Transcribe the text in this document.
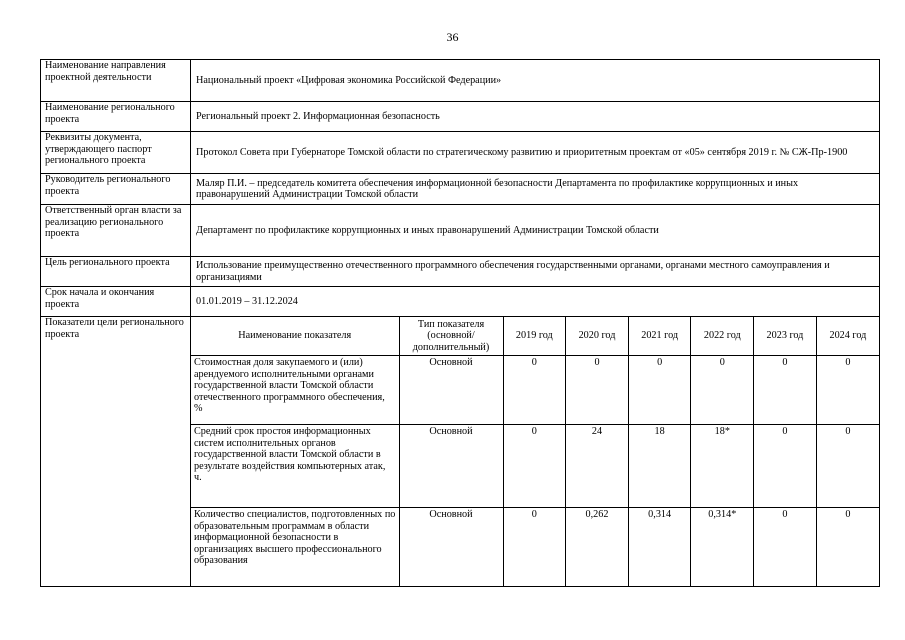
36
Наименование направления проектной деятельности	Национальный проект «Цифровая экономика Российской Федерации»
Наименование регионального проекта	Региональный проект 2. Информационная безопасность
Реквизиты документа, утверждающего паспорт регионального проекта	Протокол Совета при Губернаторе Томской области по стратегическому развитию и приоритетным проектам от «05» сентября 2019 г. № СЖ-Пр-1900
Руководитель регионального проекта	Маляр П.И. – председатель комитета обеспечения информационной безопасности Департамента по профилактике коррупционных и иных правонарушений Администрации Томской области
Ответственный орган власти за реализацию регионального проекта	Департамент по профилактике коррупционных и иных правонарушений Администрации Томской области
Цель регионального проекта	Использование преимущественно отечественного программного обеспечения государственными органами, органами местного самоуправления и организациями
Срок начала и окончания проекта	01.01.2019 – 31.12.2024
Показатели цели регионального проекта		Наименование показателя	Тип показателя (основной/ дополнительный)	2019 год	2020 год	2021 год	2022 год	2023 год	2024 год
Стоимостная доля закупаемого и (или) арендуемого исполнительными органами государственной власти Томской области отечественного программного обеспечения, %	Основной	0	0	0	0	0	0
Средний срок простоя информационных систем исполнительных органов государственной власти Томской области в результате воздействия компьютерных атак, ч.	Основной	0	24	18	18*	0	0
Количество специалистов, подготовленных по образовательным программам в области информационной безопасности в организациях высшего профессионального образования	Основной	0	0,262	0,314	0,314*	0	0
